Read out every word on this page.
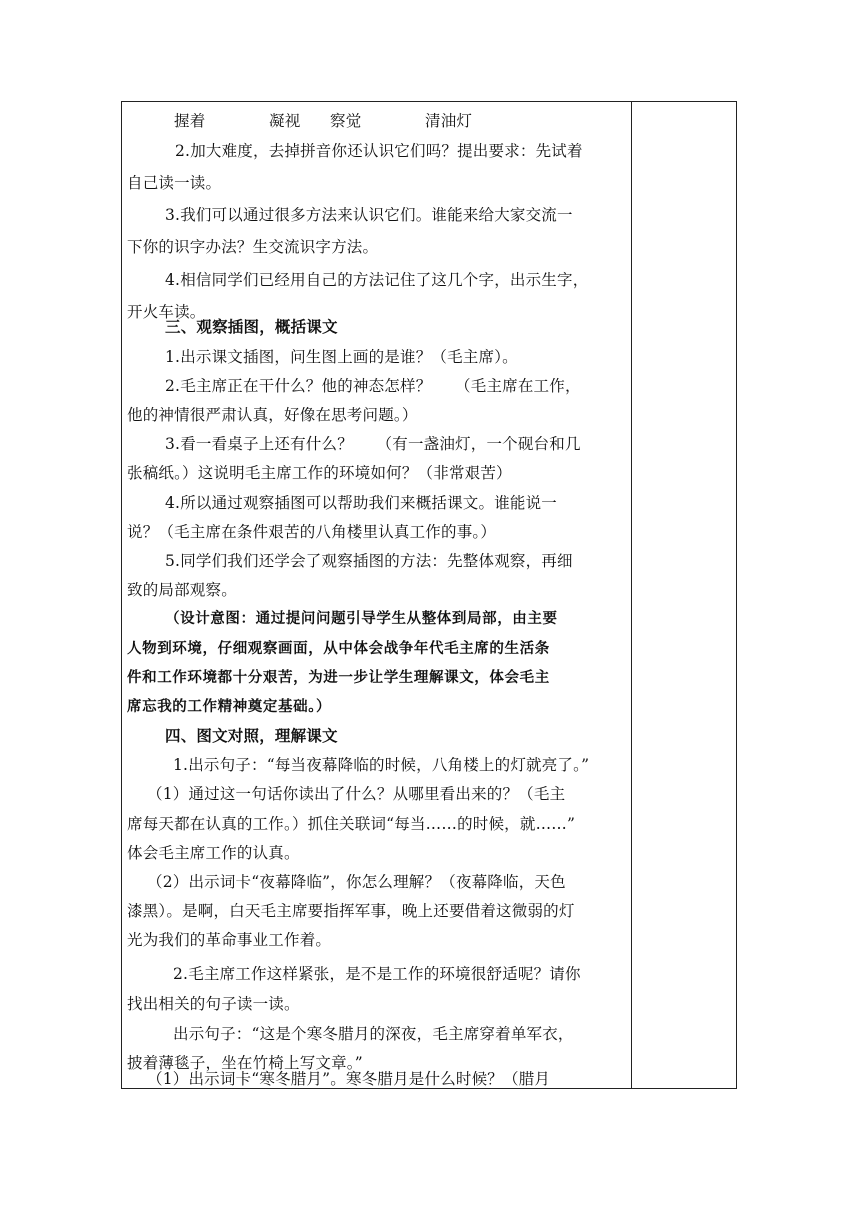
握着	凝视 察觉	清油灯
2.加大难度，去掉拼音你还认识它们吗？提出要求：先试着
自己读一读。
3.我们可以通过很多方法来认识它们。谁能来给大家交流一
下你的识字办法？生交流识字方法。
4.相信同学们已经用自己的方法记住了这几个字，出示生字，
开火车读。
三、观察插图，概括课文
1.出示课文插图，问生图上画的是谁？（毛主席）。
2.毛主席正在干什么？他的神态怎样？　　（毛主席在工作，
他的神情很严肃认真，好像在思考问题。）
3.看一看桌子上还有什么？　　（有一盏油灯，一个砚台和几
张稿纸。）这说明毛主席工作的环境如何？（非常艰苦）
4.所以通过观察插图可以帮助我们来概括课文。谁能说一
说？（毛主席在条件艰苦的八角楼里认真工作的事。）
5.同学们我们还学会了观察插图的方法：先整体观察，再细
致的局部观察。
（设计意图：通过提问问题引导学生从整体到局部，由主要
人物到环境，仔细观察画面，从中体会战争年代毛主席的生活条
件和工作环境都十分艰苦，为进一步让学生理解课文，体会毛主
席忘我的工作精神奠定基础。）
四、图文对照，理解课文
1.出示句子：“每当夜幕降临的时候，八角楼上的灯就亮了。”
（1）通过这一句话你读出了什么？从哪里看出来的？（毛主
席每天都在认真的工作。）抓住关联词“每当……的时候，就……”
体会毛主席工作的认真。
（2）出示词卡“夜幕降临”，你怎么理解？（夜幕降临，天色
漆黑）。是啊，白天毛主席要指挥军事，晚上还要借着这微弱的灯
光为我们的革命事业工作着。
2.毛主席工作这样紧张，是不是工作的环境很舒适呢？请你
找出相关的句子读一读。
出示句子：“这是个寒冬腊月的深夜，毛主席穿着单军衣，
披着薄毯子，坐在竹椅上写文章。”
（1）出示词卡“寒冬腊月”。寒冬腊月是什么时候？（腊月
